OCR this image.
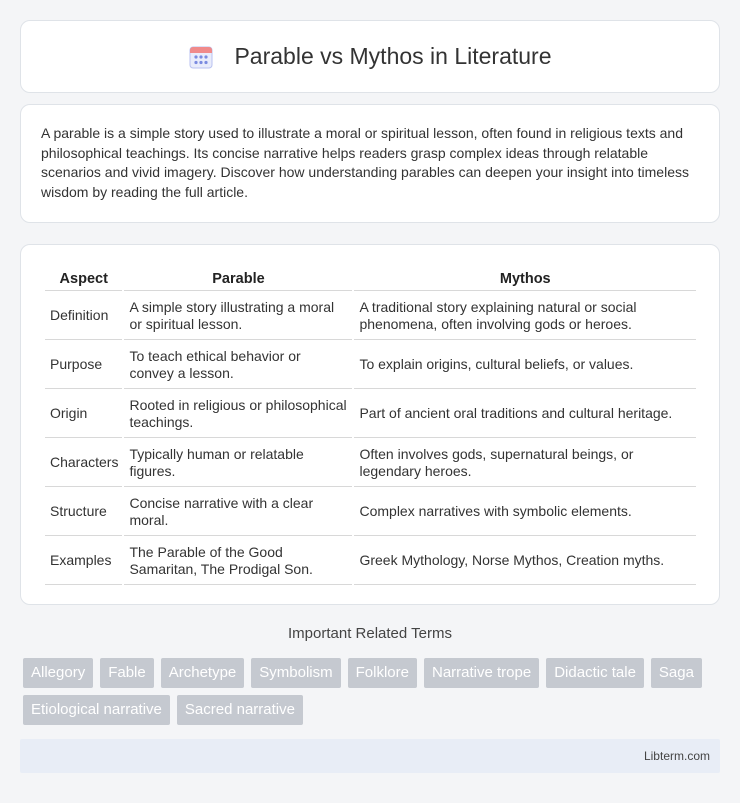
Parable vs Mythos in Literature

A parable is a simple story used to illustrate a moral or spiritual lesson, often found in religious texts and philosophical teachings. Its concise narrative helps readers grasp complex ideas through relatable scenarios and vivid imagery. Discover how understanding parables can deepen your insight into timeless wisdom by reading the full article.

Aspect	Parable	Mythos
Definition	A simple story illustrating a moral or spiritual lesson.	A traditional story explaining natural or social phenomena, often involving gods or heroes.
Purpose	To teach ethical behavior or convey a lesson.	To explain origins, cultural beliefs, or values.
Origin	Rooted in religious or philosophical teachings.	Part of ancient oral traditions and cultural heritage.
Characters	Typically human or relatable figures.	Often involves gods, supernatural beings, or legendary heroes.
Structure	Concise narrative with a clear moral.	Complex narratives with symbolic elements.
Examples	The Parable of the Good Samaritan, The Prodigal Son.	Greek Mythology, Norse Mythos, Creation myths.
Important Related Terms
Allegory	Fable	Archetype	Symbolism	Folklore	Narrative trope	Didactic tale	Saga
Etiological narrative	Sacred narrative
Libterm.com
